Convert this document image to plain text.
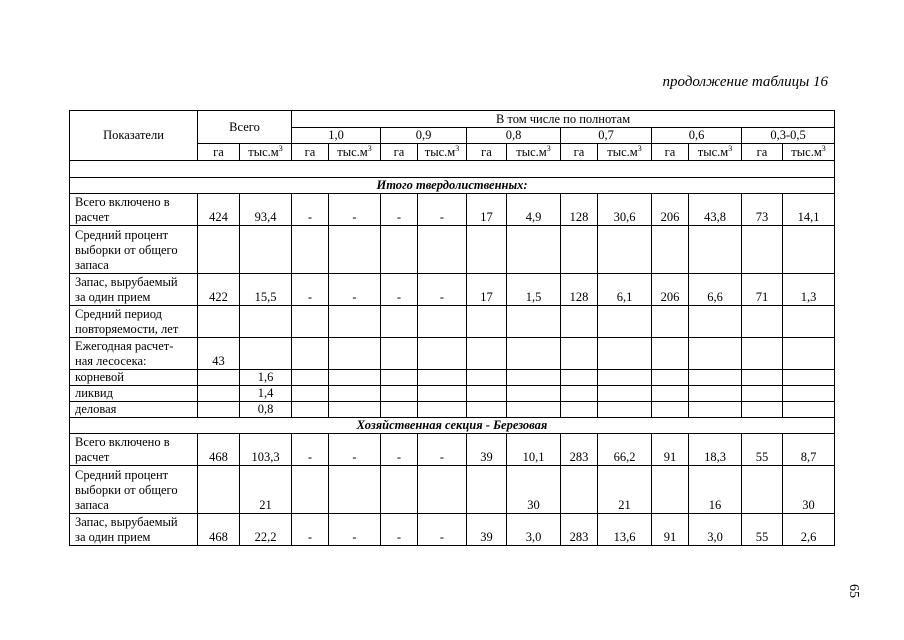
продолжение таблицы 16
Показатели	Всего		В том числе по полнотам											
			1,0		0,9		0,8		0,7		0,6		0,3-0,5	
	га	$тыс.м^3$	га	$тыс.м^3$	га	$тыс.м^3$	га	$тыс.м^3$	га	$тыс.м^3$	га	$тыс.м^3$	га	$тыс.м^3$

Итого твердолиственных:														

Всего включено в
расчет	424	93,4	-	-	-	-	17	4,9	128	30,6	206	43,8	73	14,1

Средний процент
выборки от общего
запаса														

Запас, вырубаемый
за один прием	422	15,5	-	-	-	-	17	1,5	128	6,1	206	6,6	71	1,3

Средний период
повторяемости, лет														

Ежегодная расчет-
ная лесосека:	43													

корневой		1,6												

ликвид		1,4												

деловая		0,8												
Хозяйственная секция - Березовая														

Всего включено в
расчет	468	103,3	-	-	-	-	39	10,1	283	66,2	91	18,3	55	8,7

Средний процент
выборки от общего
запаса		21						30		21		16		30

Запас, вырубаемый
за один прием	468	22,2	-	-	-	-	39	3,0	283	13,6	91	3,0	55	2,6
65
